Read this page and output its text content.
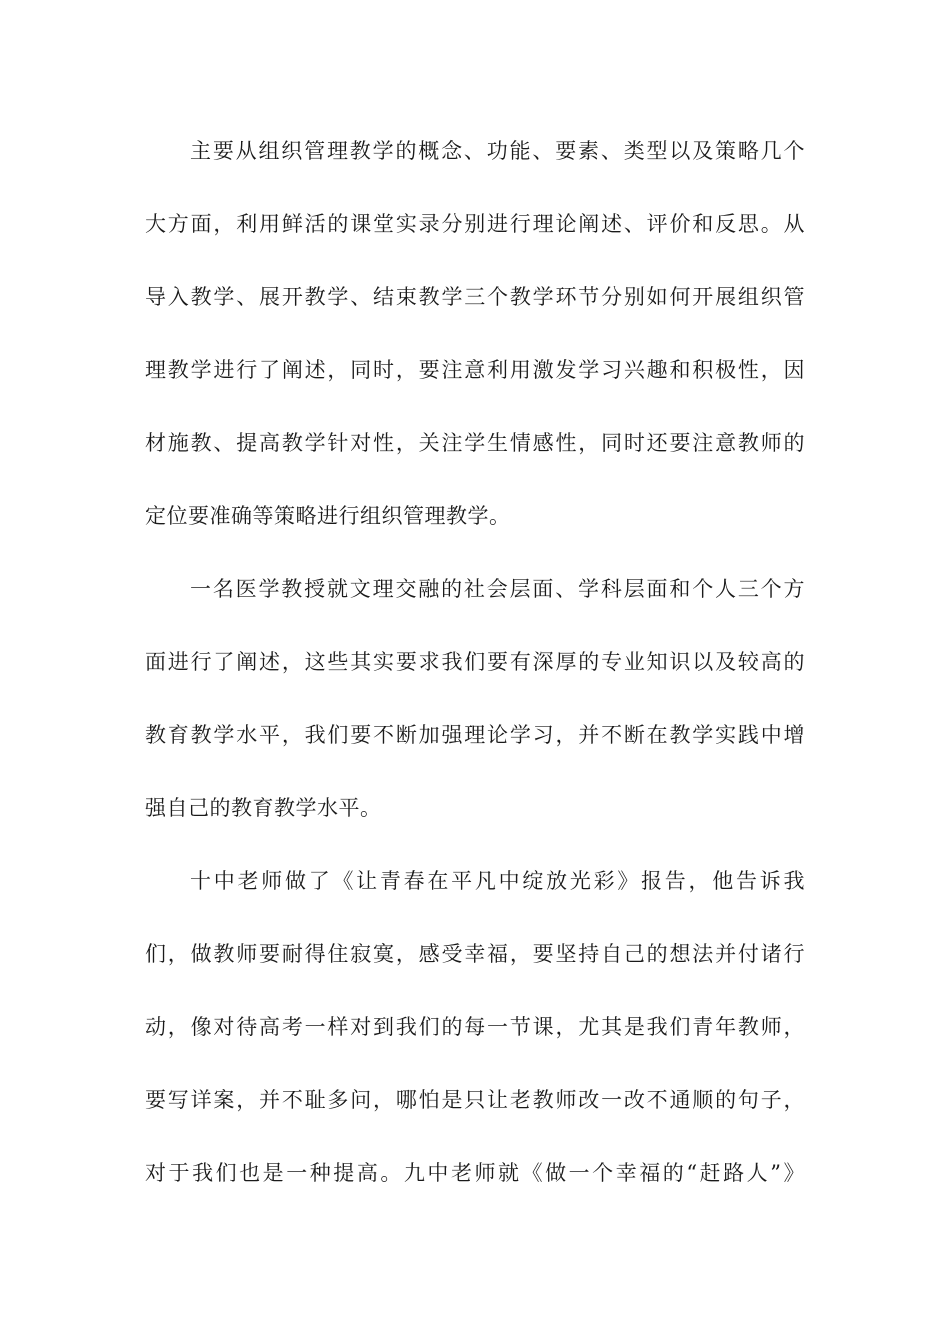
主要从组织管理教学的概念、功能、要素、类型以及策略几个
大方面，利用鲜活的课堂实录分别进行理论阐述、评价和反思。从
导入教学、展开教学、结束教学三个教学环节分别如何开展组织管
理教学进行了阐述，同时，要注意利用激发学习兴趣和积极性，因
材施教、提高教学针对性，关注学生情感性，同时还要注意教师的
定位要准确等策略进行组织管理教学。
一名医学教授就文理交融的社会层面、学科层面和个人三个方
面进行了阐述，这些其实要求我们要有深厚的专业知识以及较高的
教育教学水平，我们要不断加强理论学习，并不断在教学实践中增
强自己的教育教学水平。
十中老师做了《让青春在平凡中绽放光彩》报告，他告诉我
们，做教师要耐得住寂寞，感受幸福，要坚持自己的想法并付诸行
动，像对待高考一样对到我们的每一节课，尤其是我们青年教师，
要写详案，并不耻多问，哪怕是只让老教师改一改不通顺的句子，
对于我们也是一种提高。九中老师就《做一个幸福的“赶路人”》
